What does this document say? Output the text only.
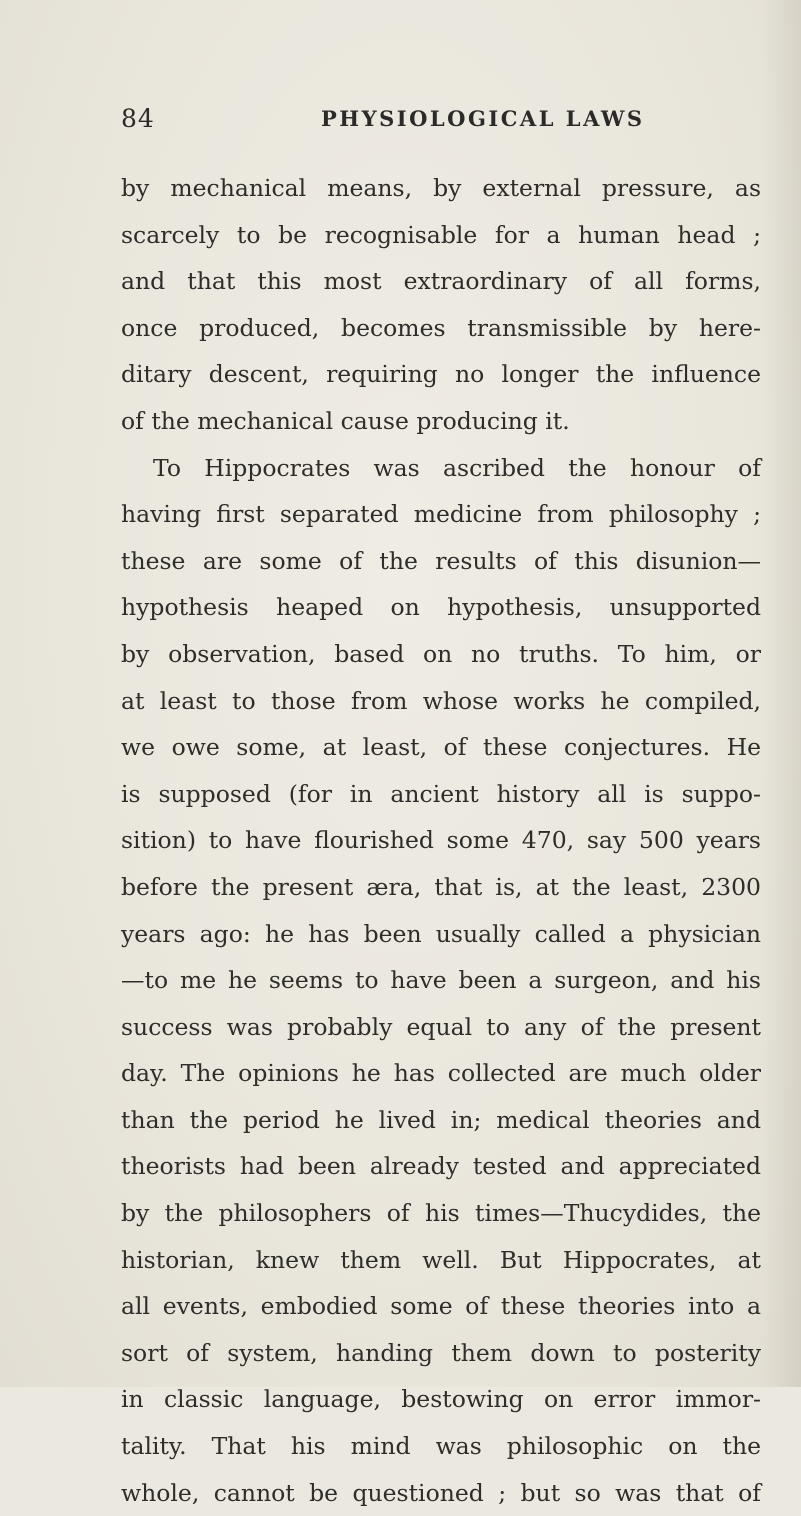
84	PHYSIOLOGICAL LAWS
by mechanical means, by external pressure, as
scarcely to be recognisable for a human head ;
and that this most extraordinary of all forms,
once produced, becomes transmissible by here-
ditary descent, requiring no longer the influence
of the mechanical cause producing it.
To Hippocrates was ascribed the honour of
having first separated medicine from philosophy ;
these are some of the results of this disunion—
hypothesis heaped on hypothesis, unsupported
by observation, based on no truths. To him, or
at least to those from whose works he compiled,
we owe some, at least, of these conjectures. He
is supposed (for in ancient history all is suppo-
sition) to have flourished some 470, say 500 years
before the present æra, that is, at the least, 2300
years ago: he has been usually called a physician
—to me he seems to have been a surgeon, and his
success was probably equal to any of the present
day. The opinions he has collected are much older
than the period he lived in; medical theories and
theorists had been already tested and appreciated
by the philosophers of his times—Thucydides, the
historian, knew them well. But Hippocrates, at
all events, embodied some of these theories into a
sort of system, handing them down to posterity
in classic language, bestowing on error immor-
tality. That his mind was philosophic on the
whole, cannot be questioned ; but so was that of
